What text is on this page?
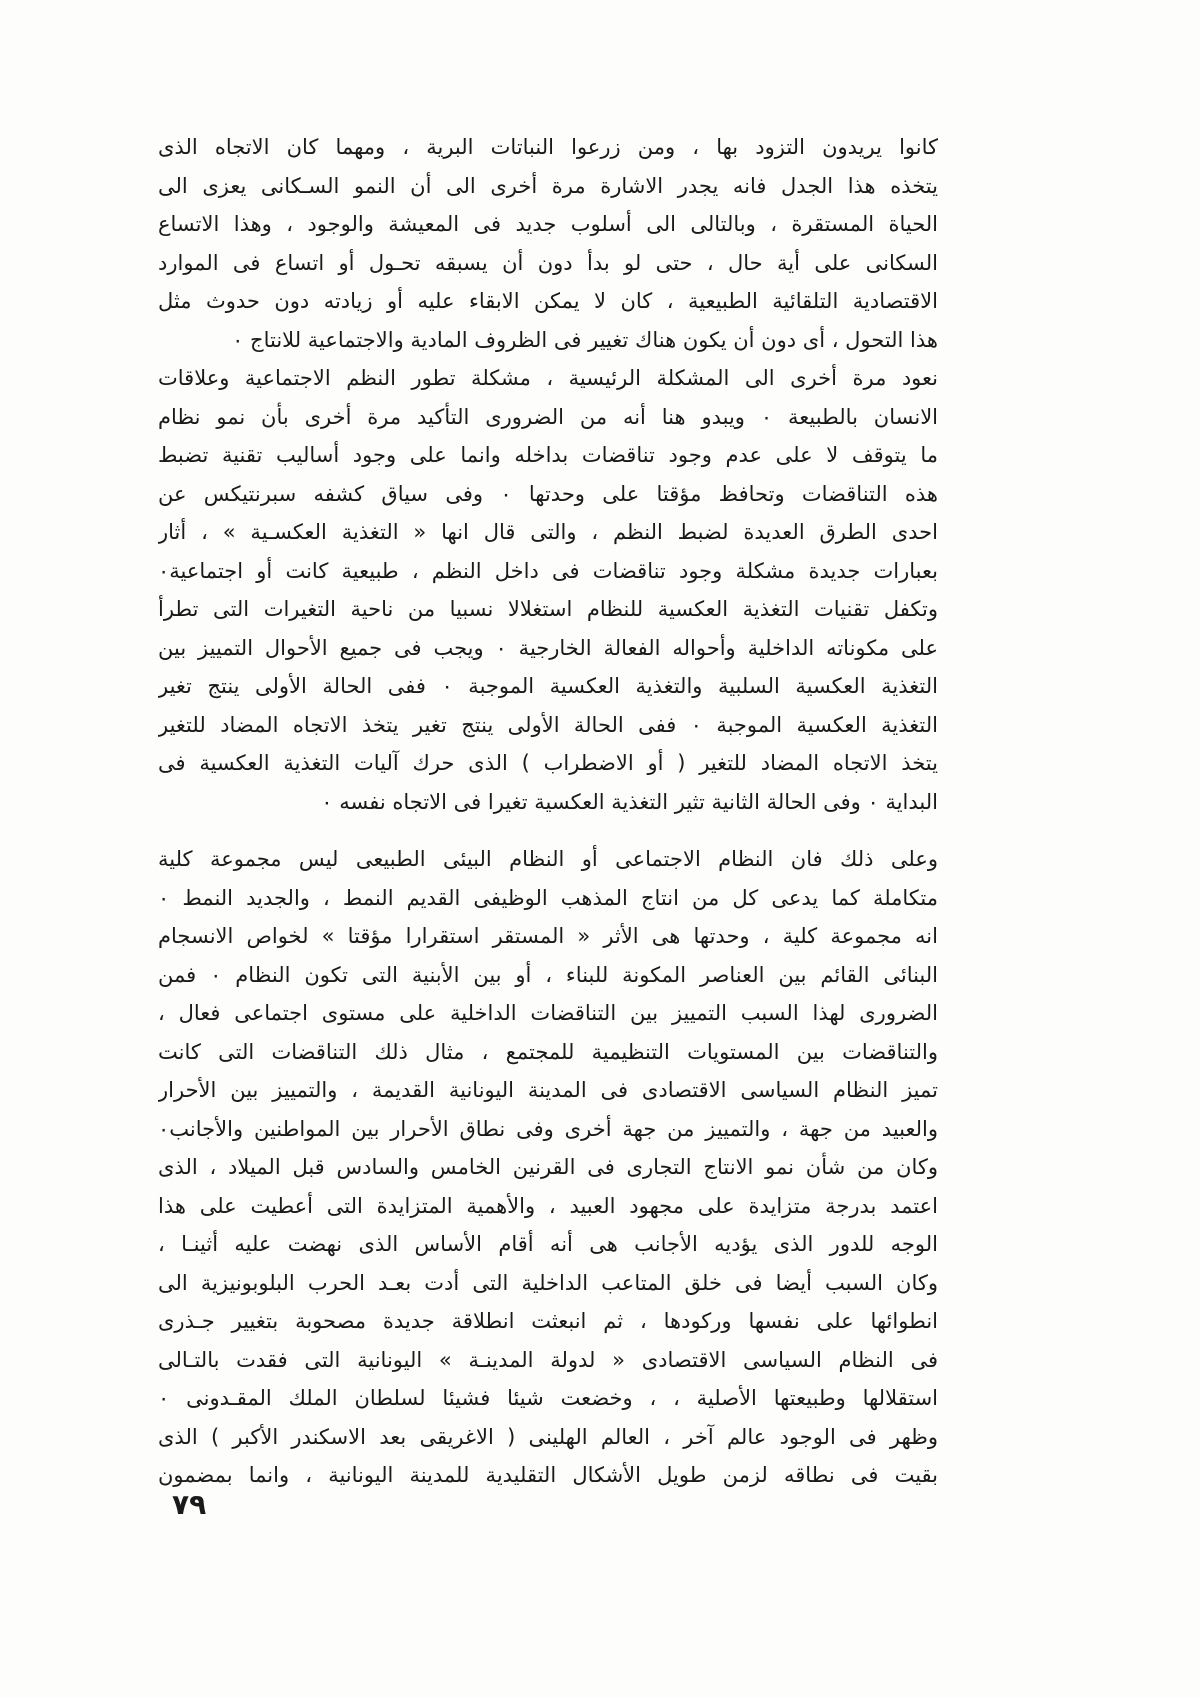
كانوا يريدون التزود بها ، ومن زرعوا النباتات البرية ، ومهما كان الاتجاه الذى
يتخذه هذا الجدل فانه يجدر الاشارة مرة أخرى الى أن النمو السـكانى يعزى الى
الحياة المستقرة ، وبالتالى الى أسلوب جديد فى المعيشة والوجود ، وهذا الاتساع
السكانى على أية حال ، حتى لو بدأ دون أن يسبقه تحـول أو اتساع فى الموارد
الاقتصادية التلقائية الطبيعية ، كان لا يمكن الابقاء عليه أو زيادته دون حدوث مثل
هذا التحول ، أى دون أن يكون هناك تغيير فى الظروف المادية والاجتماعية للانتاج ٠
نعود مرة أخرى الى المشكلة الرئيسية ، مشكلة تطور النظم الاجتماعية وعلاقات
الانسان بالطبيعة ٠ ويبدو هنا أنه من الضرورى التأكيد مرة أخرى بأن نمو نظام
ما يتوقف لا على عدم وجود تناقضات بداخله وانما على وجود أساليب تقنية تضبط
هذه التناقضات وتحافظ مؤقتا على وحدتها ٠ وفى سياق كشفه سبرنتيكس عن
احدى الطرق العديدة لضبط النظم ، والتى قال انها « التغذية العكسـية » ، أثار
بعبارات جديدة مشكلة وجود تناقضات فى داخل النظم ، طبيعية كانت أو اجتماعية٠
وتكفل تقنيات التغذية العكسية للنظام استغلالا نسبيا من ناحية التغيرات التى تطرأ
على مكوناته الداخلية وأحواله الفعالة الخارجية ٠ ويجب فى جميع الأحوال التمييز بين
التغذية العكسية السلبية والتغذية العكسية الموجبة ٠ ففى الحالة الأولى ينتج تغير
التغذية العكسية الموجبة ٠ ففى الحالة الأولى ينتج تغير يتخذ الاتجاه المضاد للتغير
يتخذ الاتجاه المضاد للتغير ( أو الاضطراب ) الذى حرك آليات التغذية العكسية فى
البداية ٠ وفى الحالة الثانية تثير التغذية العكسية تغيرا فى الاتجاه نفسه ٠
وعلى ذلك فان النظام الاجتماعى أو النظام البيئى الطبيعى ليس مجموعة كلية
متكاملة كما يدعى كل من انتاج المذهب الوظيفى القديم النمط ، والجديد النمط ٠
انه مجموعة كلية ، وحدتها هى الأثر « المستقر استقرارا مؤقتا » لخواص الانسجام
البنائى القائم بين العناصر المكونة للبناء ، أو بين الأبنية التى تكون النظام ٠ فمن
الضرورى لهذا السبب التمييز بين التناقضات الداخلية على مستوى اجتماعى فعال ،
والتناقضات بين المستويات التنظيمية للمجتمع ، مثال ذلك التناقضات التى كانت
تميز النظام السياسى الاقتصادى فى المدينة اليونانية القديمة ، والتمييز بين الأحرار
والعبيد من جهة ، والتمييز من جهة أخرى وفى نطاق الأحرار بين المواطنين والأجانب٠
وكان من شأن نمو الانتاج التجارى فى القرنين الخامس والسادس قبل الميلاد ، الذى
اعتمد بدرجة متزايدة على مجهود العبيد ، والأهمية المتزايدة التى أعطيت على هذا
الوجه للدور الذى يؤديه الأجانب هى أنه أقام الأساس الذى نهضت عليه أثينـا ،
وكان السبب أيضا فى خلق المتاعب الداخلية التى أدت بعـد الحرب البلوبونيزية الى
انطوائها على نفسها وركودها ، ثم انبعثت انطلاقة جديدة مصحوبة بتغيير جـذرى
فى النظام السياسى الاقتصادى « لدولة المدينـة » اليونانية التى فقدت بالتـالى
استقلالها وطبيعتها الأصلية ، ، وخضعت شيئا فشيئا لسلطان الملك المقـدونى ٠
وظهر فى الوجود عالم آخر ، العالم الهلينى ( الاغريقى بعد الاسكندر الأكبر ) الذى
بقيت فى نطاقه لزمن طويل الأشكال التقليدية للمدينة اليونانية ، وانما بمضمون
٧٩
